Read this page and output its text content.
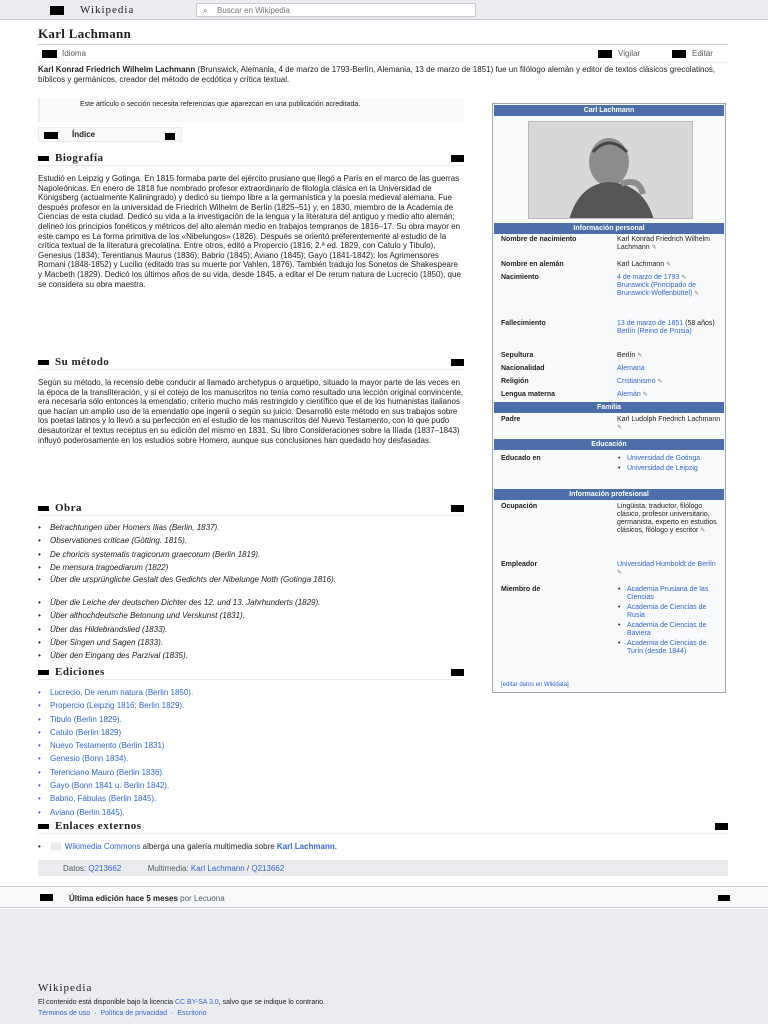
Wikipedia	⌕
Buscar en Wikipedia
Karl Lachmann
Idioma	Vigilar	Editar

Karl Konrad Friedrich Wilhelm Lachmann (Brunswick, Alemania, 4 de marzo de 1793-Berlín, Alemania, 13 de marzo de 1851) fue un filólogo alemán y editor de textos clásicos grecolatinos, bíblicos y germánicos, creador del método de ecdótica y crítica textual.

Este artículo o sección necesita referencias que aparezcan en una publicación acreditada.
Índice
Biografía

Estudió en Leipzig y Gotinga. En 1815 formaba parte del ejército prusiano que llegó a París en el marco de las guerras Napoleónicas. En enero de 1818 fue nombrado profesor extraordinario de filología clásica en la Universidad de Königsberg (actualmente Kaliningrado) y dedicó su tiempo libre a la germanística y la poesía medieval alemana. Fue después profesor en la universidad de Friedrich Wilhelm de Berlín (1825–51) y, en 1830, miembro de la Academia de Ciencias de esta ciudad. Dedicó su vida a la investigación de la lengua y la literatura del antiguo y medio alto alemán; delineó los principios fonéticos y métricos del alto alemán medio en trabajos tempranos de 1816–17. Su obra mayor en este campo es La forma primitiva de los «Nibelungos» (1826). Después se orientó preferentemente al estudio de la crítica textual de la literatura grecolatina. Entre otros, editó a Propercio (1816; 2.ª ed. 1829, con Catulo y Tibulo), Genesius (1834); Terentianus Maurus (1836); Babrio (1845); Aviano (1845); Gayo (1841-1842); los Agrimensores Romani (1848-1852) y Lucilio (editado tras su muerte por Vahlen, 1876). También tradujo los Sonetos de Shakespeare y Macbeth (1829). Dedicó los últimos años de su vida, desde 1845, a editar el De rerum natura de Lucrecio (1850), que se considera su obra maestra.

Su método

Según su método, la recensio debe conducir al llamado archetypus o arquetipo, situado la mayor parte de las veces en la época de la transliteración, y si el cotejo de los manuscritos no tenía como resultado una lección original convincente, era necesaria sólo entonces la emendatio, criterio mucho más restringido y científico que el de los humanistas italianos que hacían un amplio uso de la emendatio ope ingenii o según su juicio. Desarrolló este método en sus trabajos sobre los poetas latinos y lo llevó a su perfección en el estudio de los manuscritos del Nuevo Testamento, con lo que pudo desautorizar el textus receptus en su edición del mismo en 1831. Su libro Consideraciones sobre la Ilíada (1837–1843) influyó poderosamente en los estudios sobre Homero, aunque sus conclusiones han quedado hoy desfasadas.

Obra
• Betrachtungen über Homers Ilias (Berlin, 1837).
• Observationes criticae (Götting. 1815).
• De choricis systematis tragicorum graecorum (Berlin 1819).
• De mensura tragoediarum (1822)
• Über die ursprüngliche Gestalt des Gedichts der Nibelunge Noth (Gotinga 1816).
• Über die Leiche der deutschen Dichter des 12. und 13. Jahrhunderts (1829).
• Über althochdeutsche Betonung und Verskunst (1831).
• Über das Hildebrandslied (1833).
• Über Singen und Sagen (1833).
• Über den Eingang des Parzival (1835).
Ediciones
• Lucrecio, De rerum natura (Berlin 1850).
• Propercio (Leipzig 1816; Berlin 1829).
• Tibulo (Berlin 1829).
• Catulo (Berlin 1829)
• Nuevo Testamento (Berlin 1831)
• Genesio (Bonn 1834).
• Terenciano Mauro (Berlin 1836).
• Gayo (Bonn 1841 u. Berlin 1842).
• Babrio, Fábulas (Berlin 1845).
• Aviano (Berlin 1845).
Enlaces externos
•	Wikimedia Commons alberga una galería multimedia sobre Karl Lachmann.
Datos: Q213662	Multimedia: Karl Lachmann / Q213662
Carl Lachmann
Información personal
Nombre de nacimiento	Karl Konrad Friedrich Wilhelm Lachmann ✎
Nombre en alemán	Karl Lachmann ✎
Nacimiento	4 de marzo de 1793 ✎
Brunswick (Principado de Brunswick-Wolfenbüttel) ✎
Fallecimiento	13 de marzo de 1851 (58 años)
Berlín (Reino de Prusia)
Sepultura	Berlín ✎
Nacionalidad	Alemana
Religión	Cristianismo ✎
Lengua materna	Alemán ✎
Familia
Padre	Karl Ludolph Friedrich Lachmann ✎
Educación
Educado en	• Universidad de Gotinga
• Universidad de Leipzig
Información profesional
Ocupación	Lingüista, traductor, filólogo clásico, profesor universitario, germanista, experto en estudios clásicos, filólogo y escritor ✎
Empleador	Universidad Humboldt de Berlín ✎
Miembro de	• Academia Prusiana de las Ciencias
• Academia de Ciencias de Rusia
• Academia de Ciencias de Baviera
• Academia de Ciencias de Turín (desde 1844)
[editar datos en Wikidata]
Última edición hace 5 meses por Lecuona
Wikipedia
El contenido está disponible bajo la licencia CC BY-SA 3.0, salvo que se indique lo contrario.
Términos de uso · Política de privacidad · Escritorio
